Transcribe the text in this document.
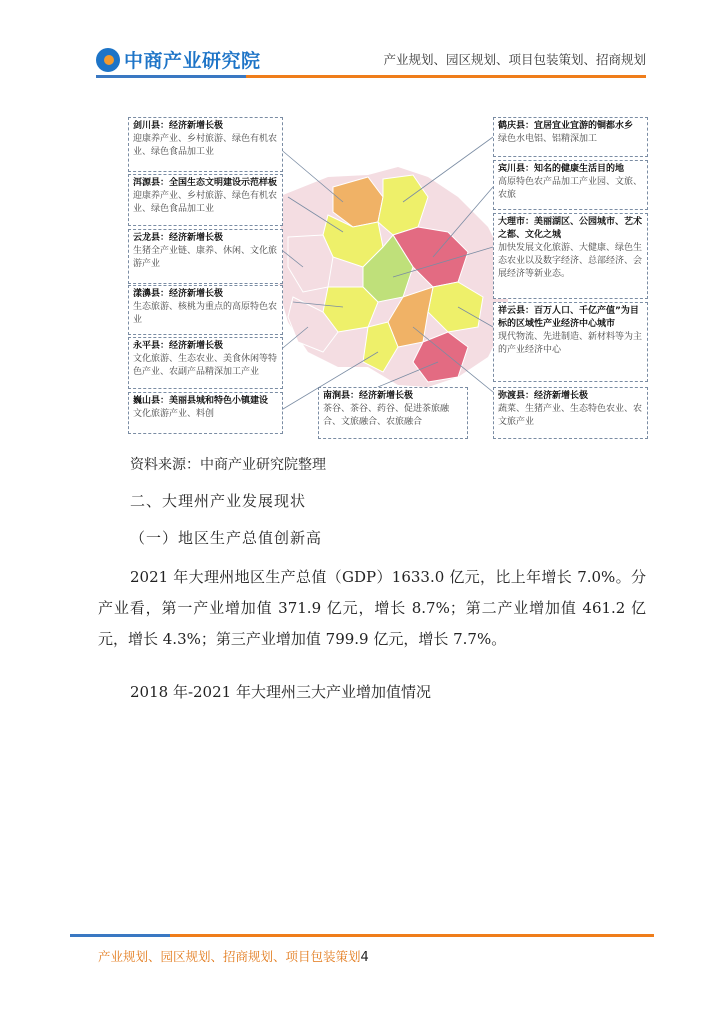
中商产业研究院	产业规划、园区规划、项目包装策划、招商规划
剑川县：经济新增长极
迎康养产业、乡村旅游、绿色有机农业、绿色食品加工业
洱源县：全国生态文明建设示范样板
迎康养产业、乡村旅游、绿色有机农业、绿色食品加工业
云龙县：经济新增长极
生猪全产业链、康养、休闲、文化旅游产业
漾濞县：经济新增长极
生态旅游、核桃为重点的高原特色农业
永平县：经济新增长极
文化旅游、生态农业、美食休闲等特色产业、农副产品精深加工产业
巍山县：美丽县城和特色小镇建设
文化旅游产业、料创
鹤庆县：宜居宜业宜游的铜都水乡
绿色水电铝、铝精深加工
宾川县：知名的健康生活目的地
高原特色农产品加工产业园、文旅、农旅
大理市：美丽湖区、公园城市、艺术之都、文化之城
加快发展文化旅游、大健康、绿色生态农业以及数字经济、总部经济、会展经济等新业态。
祥云县：百万人口、千亿产值”为目标的区域性产业经济中心城市
现代物流、先进制造、新材料等为主的产业经济中心
弥渡县：经济新增长极
蔬菜、生猪产业、生态特色农业、农文旅产业
南涧县：经济新增长极
茶谷、茶谷、药谷、促进茶旅融合、文旅融合、农旅融合
资料来源：中商产业研究院整理
二、大理州产业发展现状
（一）地区生产总值创新高
2021 年大理州地区生产总值（GDP）1633.0 亿元，比上年增长 7.0%。分产业看，第一产业增加值 371.9 亿元，增长 8.7%；第二产业增加值 461.2 亿元，增长 4.3%；第三产业增加值 799.9 亿元，增长 7.7%。
2018 年-2021 年大理州三大产业增加值情况
产业规划、园区规划、招商规划、项目包装策划4
